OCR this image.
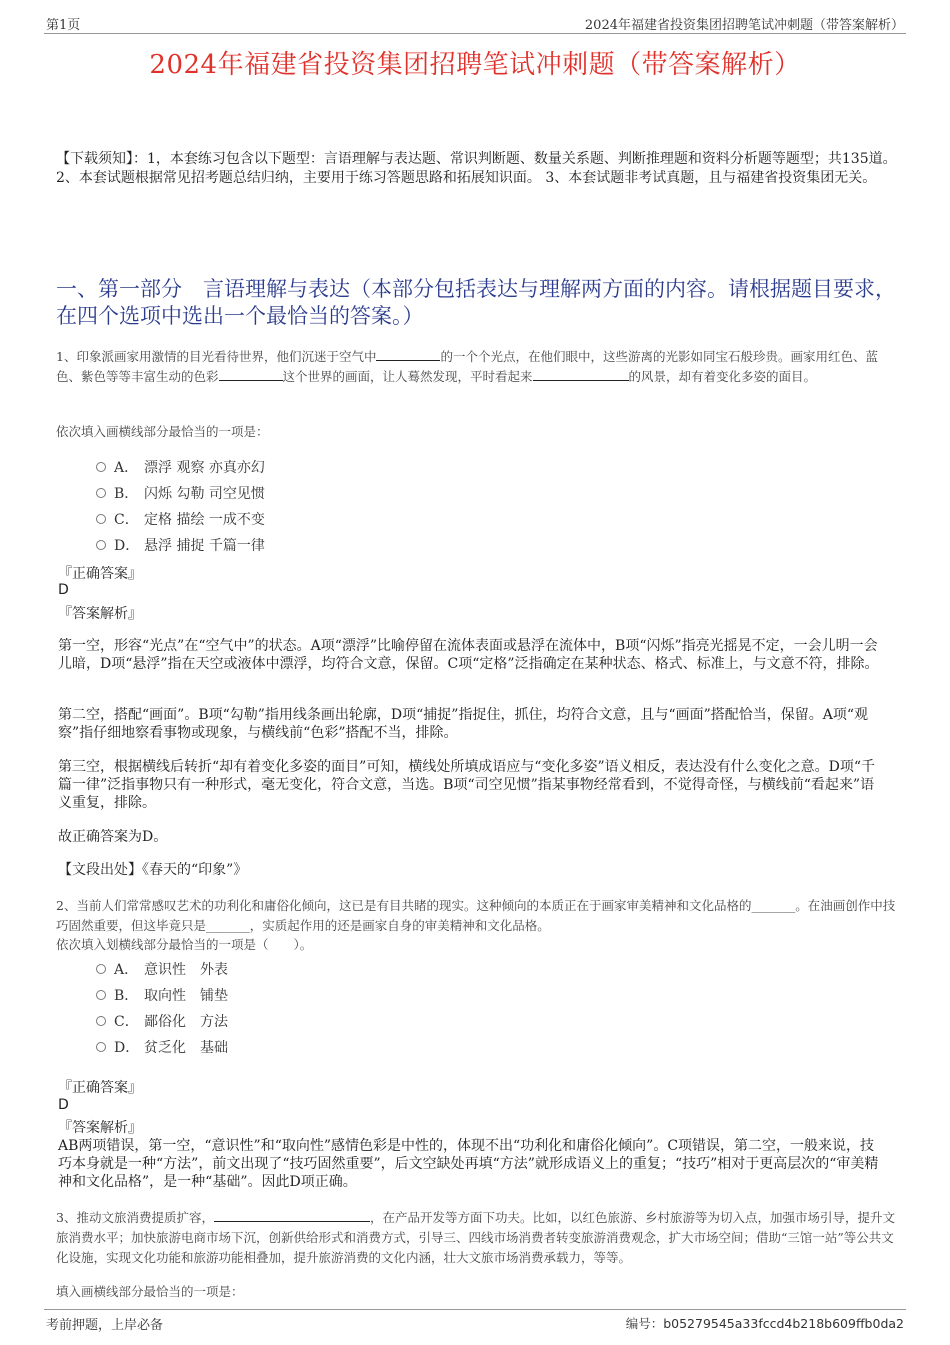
第1页	2024年福建省投资集团招聘笔试冲刺题（带答案解析）
2024年福建省投资集团招聘笔试冲刺题（带答案解析）
【下载须知】：1，本套练习包含以下题型：言语理解与表达题、常识判断题、数量关系题、判断推理题和资料分析题等题型；共135道。 2、本套试题根据常见招考题总结归纳，主要用于练习答题思路和拓展知识面。 3、本套试题非考试真题，且与福建省投资集团无关。
一、第一部分　言语理解与表达（本部分包括表达与理解两方面的内容。请根据题目要求，在四个选项中选出一个最恰当的答案。）
1、印象派画家用激情的目光看待世界，他们沉迷于空气中	的一个个光点，在他们眼中，这些游离的光影如同宝石般珍贵。画家用红色、蓝色、紫色等等丰富生动的色彩	这个世界的画面，让人蓦然发现，平时看起来	的风景，却有着变化多姿的面目。
依次填入画横线部分最恰当的一项是：
A． 漂浮 观察 亦真亦幻
B． 闪烁 勾勒 司空见惯
C． 定格 描绘 一成不变
D． 悬浮 捕捉 千篇一律
『正确答案』
D
『答案解析』
第一空，形容“光点”在“空气中”的状态。A项“漂浮”比喻停留在流体表面或悬浮在流体中，B项“闪烁”指亮光摇晃不定，一会儿明一会儿暗，D项“悬浮”指在天空或液体中漂浮，均符合文意，保留。C项“定格”泛指确定在某种状态、格式、标准上，与文意不符，排除。
第二空，搭配“画面”。B项“勾勒”指用线条画出轮廓，D项“捕捉”指捉住，抓住，均符合文意，且与“画面”搭配恰当，保留。A项“观察”指仔细地察看事物或现象，与横线前“色彩”搭配不当，排除。
第三空，根据横线后转折“却有着变化多姿的面目”可知，横线处所填成语应与“变化多姿”语义相反，表达没有什么变化之意。D项“千篇一律”泛指事物只有一种形式，毫无变化，符合文意，当选。B项“司空见惯”指某事物经常看到，不觉得奇怪，与横线前“看起来”语义重复，排除。
故正确答案为D。
【文段出处】《春天的“印象”》
2、当前人们常常感叹艺术的功利化和庸俗化倾向，这已是有目共睹的现实。这种倾向的本质正在于画家审美精神和文化品格的_______。在油画创作中技巧固然重要，但这毕竟只是_______，实质起作用的还是画家自身的审美精神和文化品格。
依次填入划横线部分最恰当的一项是（　　）。
A． 意识性　外表
B． 取向性　铺垫
C． 鄙俗化　方法
D． 贫乏化　基础
『正确答案』
D
『答案解析』
AB两项错误，第一空，“意识性”和“取向性”感情色彩是中性的，体现不出“功利化和庸俗化倾向”。C项错误，第二空，一般来说，技巧本身就是一种“方法”，前文出现了“技巧固然重要”，后文空缺处再填“方法”就形成语义上的重复；“技巧”相对于更高层次的“审美精神和文化品格”，是一种“基础”。因此D项正确。
3、推动文旅消费提质扩容，	，在产品开发等方面下功夫。比如，以红色旅游、乡村旅游等为切入点，加强市场引导，提升文旅消费水平；加快旅游电商市场下沉，创新供给形式和消费方式，引导三、四线市场消费者转变旅游消费观念，扩大市场空间；借助“三馆一站”等公共文化设施，实现文化功能和旅游功能相叠加，提升旅游消费的文化内涵，壮大文旅市场消费承载力，等等。
填入画横线部分最恰当的一项是：
考前押题，上岸必备	编号：b05279545a33fccd4b218b609ffb0da2
